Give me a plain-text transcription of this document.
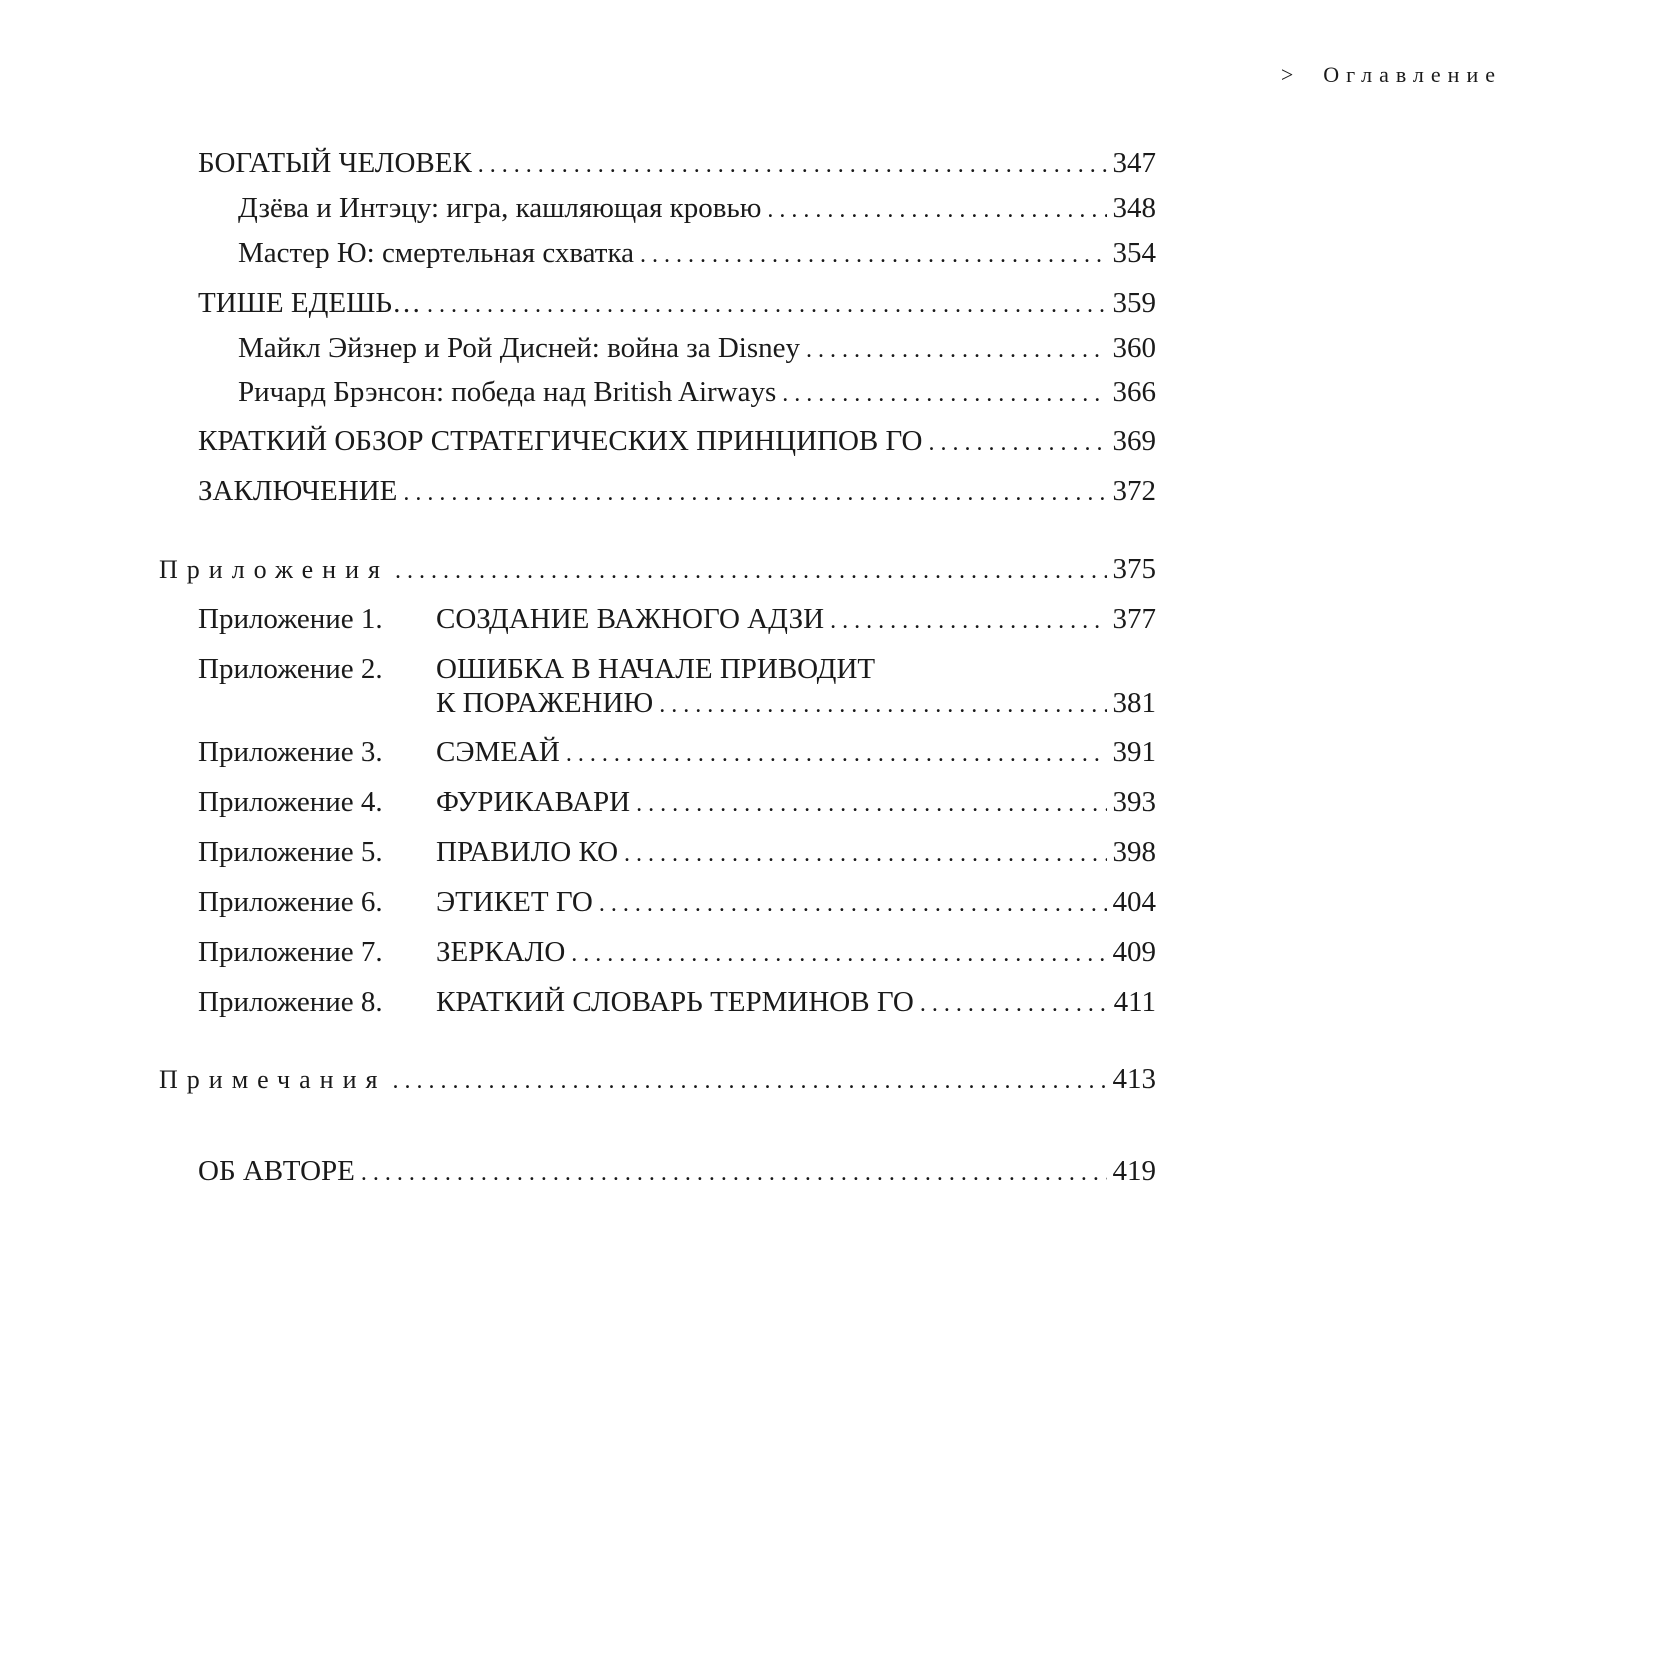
> Оглавление
БОГАТЫЙ ЧЕЛОВЕК . . .	347
Дзёва и Интэцу: игра, кашляющая кровью . . .	348
Мастер Ю: смертельная схватка . . .	354
ТИШЕ ЕДЕШЬ… . . .	359
Майкл Эйзнер и Рой Дисней: война за Disney . . .	360
Ричард Брэнсон: победа над British Airways . . .	366
КРАТКИЙ ОБЗОР СТРАТЕГИЧЕСКИХ ПРИНЦИПОВ ГО . . .	369
ЗАКЛЮЧЕНИЕ . . .	372
Приложения . . .	375
Приложение 1. СОЗДАНИЕ ВАЖНОГО АДЗИ . . .	377
Приложение 2.	ОШИБКА В НАЧАЛЕ ПРИВОДИТ
К ПОРАЖЕНИЮ . . .	381
Приложение 3. СЭМЕАЙ . . .	391
Приложение 4. ФУРИКАВАРИ . . .	393
Приложение 5. ПРАВИЛО КО . . .	398
Приложение 6. ЭТИКЕТ ГО . . .	404
Приложение 7. ЗЕРКАЛО . . .	409
Приложение 8. КРАТКИЙ СЛОВАРЬ ТЕРМИНОВ ГО . . .	411
Примечания . . .	413
ОБ АВТОРЕ . . .	419
